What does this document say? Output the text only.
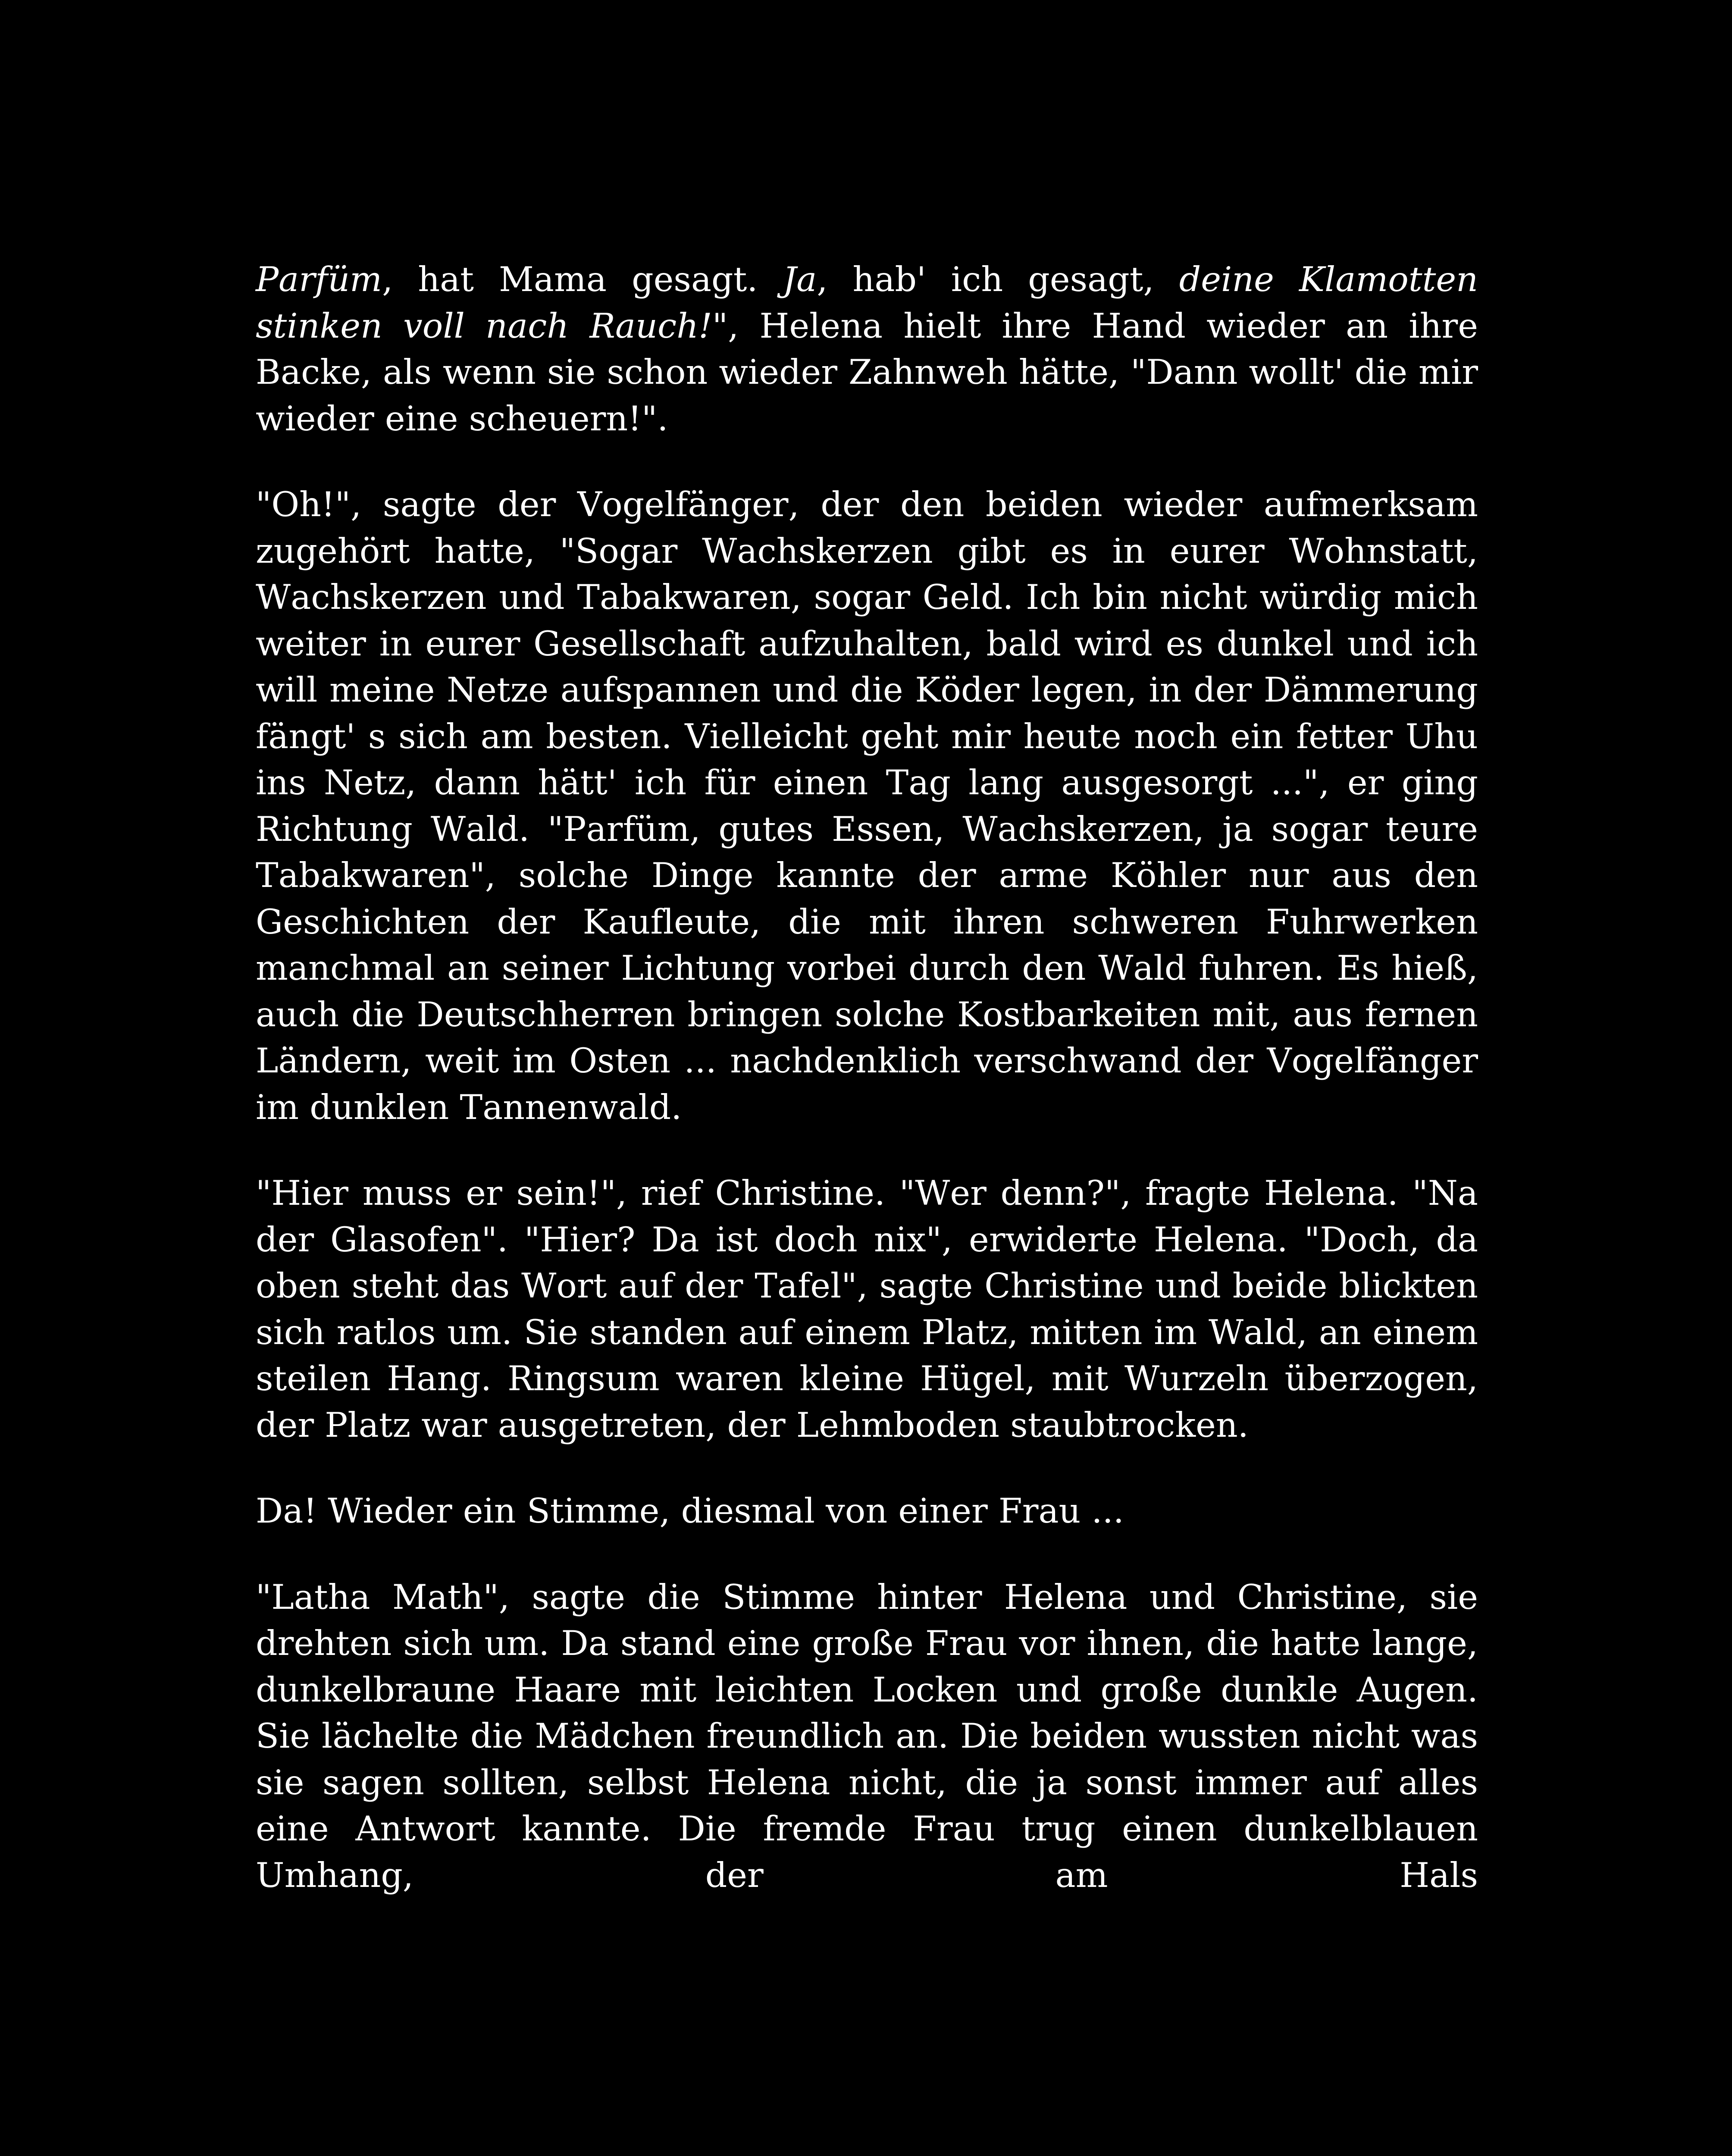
Parfüm, hat Mama gesagt. Ja, hab' ich gesagt, deine Klamotten stinken voll nach Rauch!", Helena hielt ihre Hand wieder an ihre Backe, als wenn sie schon wieder Zahnweh hätte, "Dann wollt' die mir wieder eine scheuern!".

"Oh!", sagte der Vogelfänger, der den beiden wieder aufmerksam zugehört hatte, "Sogar Wachskerzen gibt es in eurer Wohnstatt, Wachskerzen und Tabakwaren, sogar Geld. Ich bin nicht würdig mich weiter in eurer Gesellschaft aufzuhalten, bald wird es dunkel und ich will meine Netze aufspannen und die Köder legen, in der Dämmerung fängt' s sich am besten. Vielleicht geht mir heute noch ein fetter Uhu ins Netz, dann hätt' ich für einen Tag lang ausgesorgt ...", er ging Richtung Wald. "Parfüm, gutes Essen, Wachskerzen, ja sogar teure Tabakwaren", solche Dinge kannte der arme Köhler nur aus den Geschichten der Kaufleute, die mit ihren schweren Fuhrwerken manchmal an seiner Lichtung vorbei durch den Wald fuhren. Es hieß, auch die Deutschherren bringen solche Kostbarkeiten mit, aus fernen Ländern, weit im Osten ... nachdenklich verschwand der Vogelfänger im dunklen Tannenwald.

"Hier muss er sein!", rief Christine. "Wer denn?", fragte Helena. "Na der Glasofen". "Hier? Da ist doch nix", erwiderte Helena. "Doch, da oben steht das Wort auf der Tafel", sagte Christine und beide blickten sich ratlos um. Sie standen auf einem Platz, mitten im Wald, an einem steilen Hang. Ringsum waren kleine Hügel, mit Wurzeln überzogen, der Platz war ausgetreten, der Lehmboden staubtrocken.

Da! Wieder ein Stimme, diesmal von einer Frau ...

"Latha Math", sagte die Stimme hinter Helena und Christine, sie drehten sich um. Da stand eine große Frau vor ihnen, die hatte lange, dunkelbraune Haare mit leichten Locken und große dunkle Augen. Sie lächelte die Mädchen freundlich an. Die beiden wussten nicht was sie sagen sollten, selbst Helena nicht, die ja sonst immer auf alles eine Antwort kannte. Die fremde Frau trug einen dunkelblauen Umhang, der am Hals
